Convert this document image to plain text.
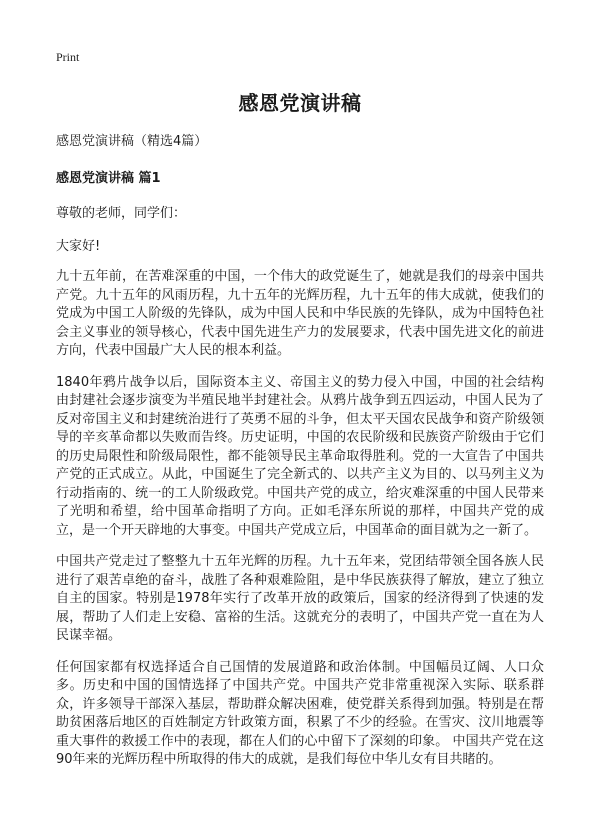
Print
感恩党演讲稿

感恩党演讲稿（精选4篇）

感恩党演讲稿 篇1

尊敬的老师，同学们：

大家好!

九十五年前，在苦难深重的中国，一个伟大的政党诞生了，她就是我们的母亲中国共产党。九十五年的风雨历程，九十五年的光辉历程，九十五年的伟大成就，使我们的党成为中国工人阶级的先锋队，成为中国人民和中华民族的先锋队，成为中国特色社会主义事业的领导核心，代表中国先进生产力的发展要求，代表中国先进文化的前进方向，代表中国最广大人民的根本利益。

1840年鸦片战争以后，国际资本主义、帝国主义的势力侵入中国，中国的社会结构由封建社会逐步演变为半殖民地半封建社会。从鸦片战争到五四运动，中国人民为了反对帝国主义和封建统治进行了英勇不屈的斗争，但太平天国农民战争和资产阶级领导的辛亥革命都以失败而告终。历史证明，中国的农民阶级和民族资产阶级由于它们的历史局限性和阶级局限性，都不能领导民主革命取得胜利。党的一大宣告了中国共产党的正式成立。从此，中国诞生了完全新式的、以共产主义为目的、以马列主义为行动指南的、统一的工人阶级政党。中国共产党的成立，给灾难深重的中国人民带来了光明和希望，给中国革命指明了方向。正如毛泽东所说的那样，中国共产党的成立，是一个开天辟地的大事变。中国共产党成立后，中国革命的面目就为之一新了。

中国共产党走过了整整九十五年光辉的历程。九十五年来，党团结带领全国各族人民进行了艰苦卓绝的奋斗，战胜了各种艰难险阻，是中华民族获得了解放，建立了独立自主的国家。特别是1978年实行了改革开放的政策后，国家的经济得到了快速的发展，帮助了人们走上安稳、富裕的生活。这就充分的表明了，中国共产党一直在为人民谋幸福。

任何国家都有权选择适合自己国情的发展道路和政治体制。中国幅员辽阔、人口众多。历史和中国的国情选择了中国共产党。中国共产党非常重视深入实际、联系群众，许多领导干部深入基层，帮助群众解决困难，使党群关系得到加强。特别是在帮助贫困落后地区的百姓制定方针政策方面，积累了不少的经验。在雪灾、汶川地震等重大事件的救援工作中的表现，都在人们的心中留下了深刻的印象。 中国共产党在这90年来的光辉历程中所取得的伟大的成就，是我们每位中华儿女有目共睹的。
